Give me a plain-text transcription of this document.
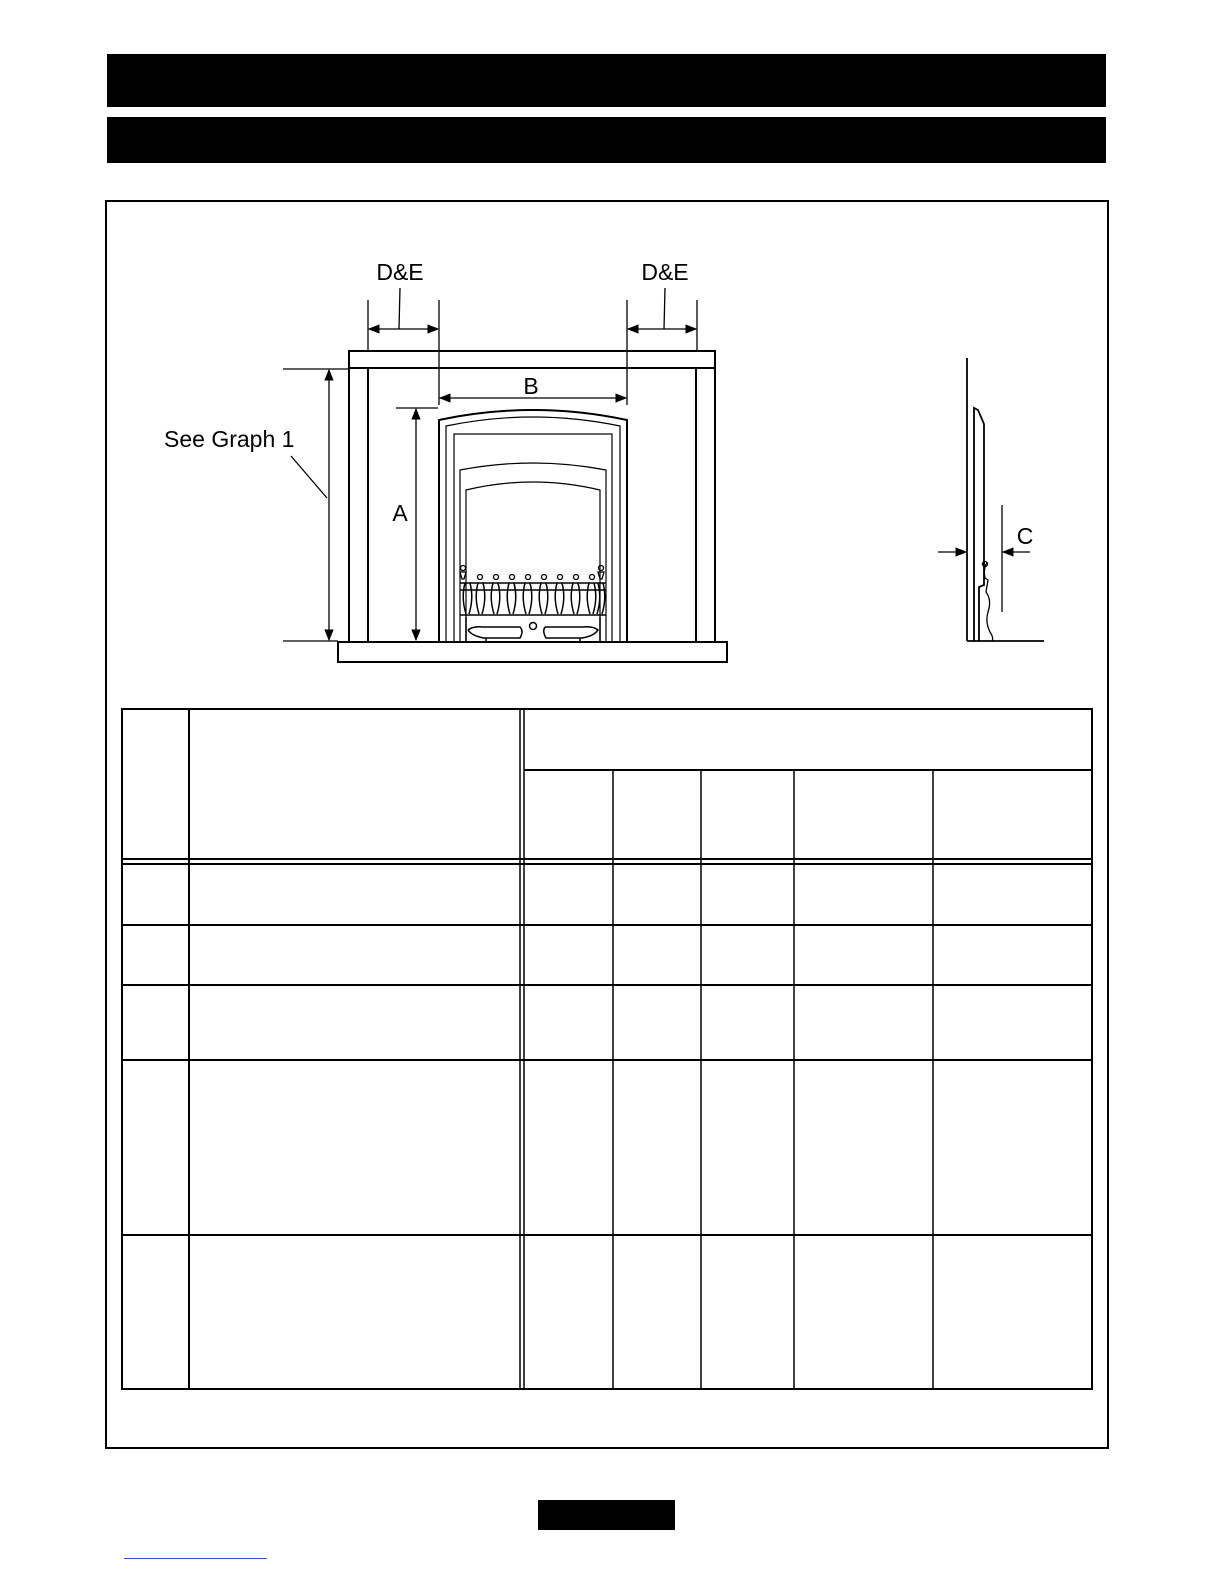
D&E	D&E
B
A
See Graph 1
C
